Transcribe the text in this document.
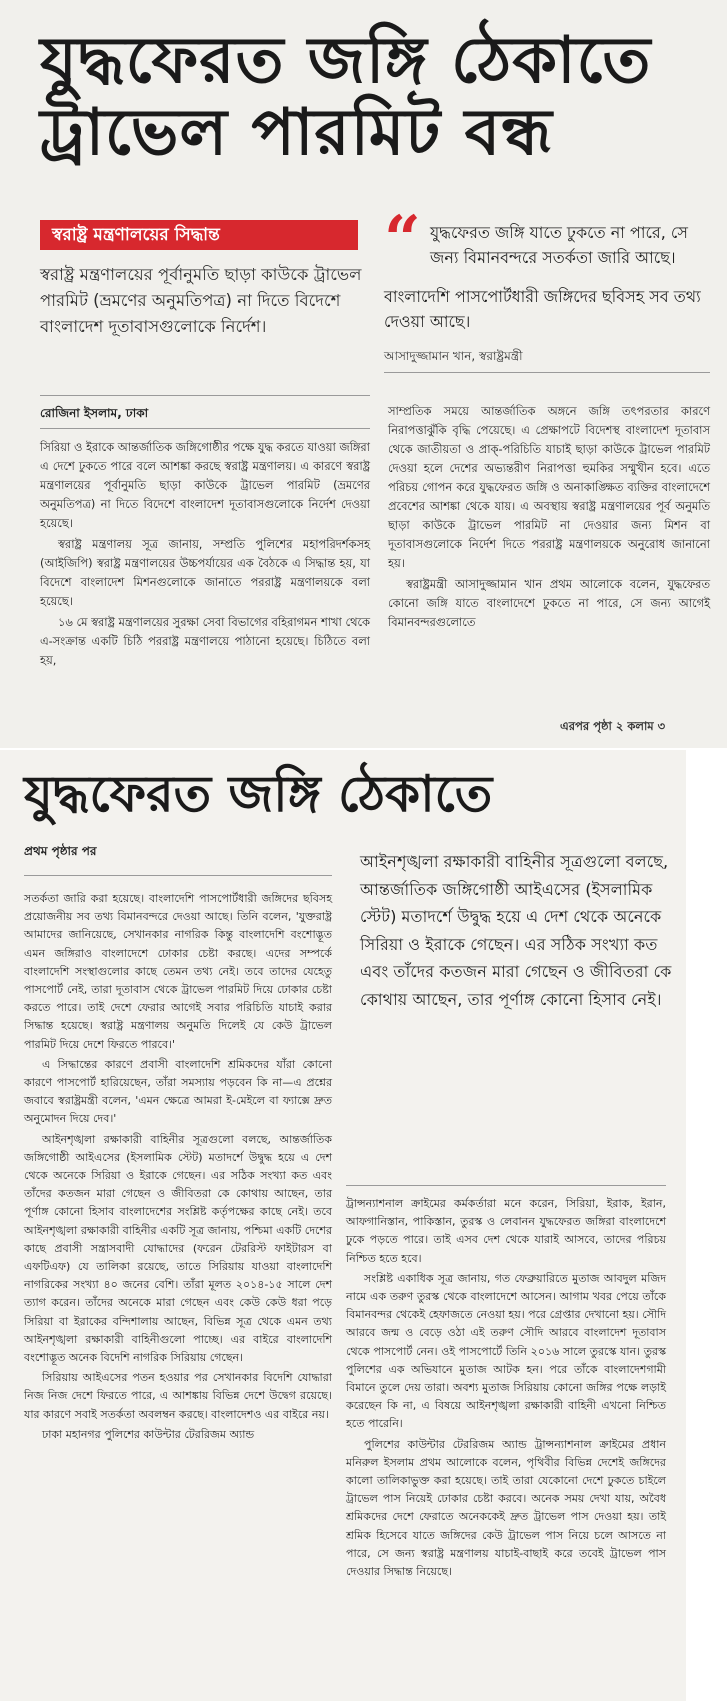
যুদ্ধফেরত জঙ্গি ঠেকাতে
ট্রাভেল পারমিট বন্ধ
স্বরাষ্ট্র মন্ত্রণালয়ের সিদ্ধান্ত
স্বরাষ্ট্র মন্ত্রণালয়ের পূর্বানুমতি ছাড়া কাউকে ট্রাভেল পারমিট (ভ্রমণের অনুমতিপত্র) না দিতে বিদেশে বাংলাদেশ দূতাবাসগুলোকে নির্দেশ।
“ যুদ্ধফেরত জঙ্গি যাতে ঢুকতে না পারে, সে জন্য বিমানবন্দরে সতর্কতা জারি আছে।
বাংলাদেশি পাসপোর্টধারী জঙ্গিদের ছবিসহ সব তথ্য দেওয়া আছে।
আসাদুজ্জামান খান, স্বরাষ্ট্রমন্ত্রী
রোজিনা ইসলাম, ঢাকা

সিরিয়া ও ইরাকে আন্তর্জাতিক জঙ্গিগোষ্ঠীর পক্ষে যুদ্ধ করতে যাওয়া জঙ্গিরা এ দেশে ঢুকতে পারে বলে আশঙ্কা করছে স্বরাষ্ট্র মন্ত্রণালয়। এ কারণে স্বরাষ্ট্র মন্ত্রণালয়ের পূর্বানুমতি ছাড়া কাউকে ট্রাভেল পারমিট (ভ্রমণের অনুমতিপত্র) না দিতে বিদেশে বাংলাদেশ দূতাবাসগুলোকে নির্দেশ দেওয়া হয়েছে।

স্বরাষ্ট্র মন্ত্রণালয় সূত্র জানায়, সম্প্রতি পুলিশের মহাপরিদর্শকসহ (আইজিপি) স্বরাষ্ট্র মন্ত্রণালয়ের উচ্চপর্যায়ের এক বৈঠকে এ সিদ্ধান্ত হয়, যা বিদেশে বাংলাদেশ মিশনগুলোকে জানাতে পররাষ্ট্র মন্ত্রণালয়কে বলা হয়েছে।

১৬ মে স্বরাষ্ট্র মন্ত্রণালয়ের সুরক্ষা সেবা বিভাগের বহিরাগমন শাখা থেকে এ-সংক্রান্ত একটি চিঠি পররাষ্ট্র মন্ত্রণালয়ে পাঠানো হয়েছে। চিঠিতে বলা হয়,

সাম্প্রতিক সময়ে আন্তর্জাতিক অঙ্গনে জঙ্গি তৎপরতার কারণে নিরাপত্তাঝুঁকি বৃদ্ধি পেয়েছে। এ প্রেক্ষাপটে বিদেশস্থ বাংলাদেশ দূতাবাস থেকে জাতীয়তা ও প্রাক্-পরিচিতি যাচাই ছাড়া কাউকে ট্রাভেল পারমিট দেওয়া হলে দেশের অভ্যন্তরীণ নিরাপত্তা হুমকির সম্মুখীন হবে। এতে পরিচয় গোপন করে যুদ্ধফেরত জঙ্গি ও অনাকাঙ্ক্ষিত ব্যক্তির বাংলাদেশে প্রবেশের আশঙ্কা থেকে যায়। এ অবস্থায় স্বরাষ্ট্র মন্ত্রণালয়ের পূর্ব অনুমতি ছাড়া কাউকে ট্রাভেল পারমিট না দেওয়ার জন্য মিশন বা দূতাবাসগুলোকে নির্দেশ দিতে পররাষ্ট্র মন্ত্রণালয়কে অনুরোধ জানানো হয়।

স্বরাষ্ট্রমন্ত্রী আসাদুজ্জামান খান প্রথম আলোকে বলেন, যুদ্ধফেরত কোনো জঙ্গি যাতে বাংলাদেশে ঢুকতে না পারে, সে জন্য আগেই বিমানবন্দরগুলোতে

এরপর পৃষ্ঠা ২ কলাম ৩
যুদ্ধফেরত জঙ্গি ঠেকাতে
প্রথম পৃষ্ঠার পর

সতর্কতা জারি করা হয়েছে। বাংলাদেশি পাসপোর্টধারী জঙ্গিদের ছবিসহ প্রয়োজনীয় সব তথ্য বিমানবন্দরে দেওয়া আছে। তিনি বলেন, 'যুক্তরাষ্ট্র আমাদের জানিয়েছে, সেখানকার নাগরিক কিন্তু বাংলাদেশি বংশোদ্ভূত এমন জঙ্গিরাও বাংলাদেশে ঢোকার চেষ্টা করছে। এদের সম্পর্কে বাংলাদেশি সংস্থাগুলোর কাছে তেমন তথ্য নেই। তবে তাদের যেহেতু পাসপোর্ট নেই, তারা দূতাবাস থেকে ট্রাভেল পারমিট দিয়ে ঢোকার চেষ্টা করতে পারে। তাই দেশে ফেরার আগেই সবার পরিচিতি যাচাই করার সিদ্ধান্ত হয়েছে। স্বরাষ্ট্র মন্ত্রণালয় অনুমতি দিলেই যে কেউ ট্রাভেল পারমিট দিয়ে দেশে ফিরতে পারবে।'

এ সিদ্ধান্তের কারণে প্রবাসী বাংলাদেশি শ্রমিকদের যাঁরা কোনো কারণে পাসপোর্ট হারিয়েছেন, তাঁরা সমস্যায় পড়বেন কি না—এ প্রশ্নের জবাবে স্বরাষ্ট্রমন্ত্রী বলেন, 'এমন ক্ষেত্রে আমরা ই-মেইলে বা ফ্যাক্সে দ্রুত অনুমোদন দিয়ে দেব।'

আইনশৃঙ্খলা রক্ষাকারী বাহিনীর সূত্রগুলো বলছে, আন্তর্জাতিক জঙ্গিগোষ্ঠী আইএসের (ইসলামিক স্টেট) মতাদর্শে উদ্বুদ্ধ হয়ে এ দেশ থেকে অনেকে সিরিয়া ও ইরাকে গেছেন। এর সঠিক সংখ্যা কত এবং তাঁদের কতজন মারা গেছেন ও জীবিতরা কে কোথায় আছেন, তার পূর্ণাঙ্গ কোনো হিসাব বাংলাদেশের সংশ্লিষ্ট কর্তৃপক্ষের কাছে নেই। তবে আইনশৃঙ্খলা রক্ষাকারী বাহিনীর একটি সূত্র জানায়, পশ্চিমা একটি দেশের কাছে প্রবাসী সন্ত্রাসবাদী যোদ্ধাদের (ফরেন টেররিস্ট ফাইটারস বা এফটিএফ) যে তালিকা রয়েছে, তাতে সিরিয়ায় যাওয়া বাংলাদেশি নাগরিকের সংখ্যা ৪০ জনের বেশি। তাঁরা মূলত ২০১৪-১৫ সালে দেশ ত্যাগ করেন। তাঁদের অনেকে মারা গেছেন এবং কেউ কেউ ধরা পড়ে সিরিয়া বা ইরাকের বন্দিশালায় আছেন, বিভিন্ন সূত্র থেকে এমন তথ্য আইনশৃঙ্খলা রক্ষাকারী বাহিনীগুলো পাচ্ছে। এর বাইরে বাংলাদেশি বংশোদ্ভূত অনেক বিদেশি নাগরিক সিরিয়ায় গেছেন।

সিরিয়ায় আইএসের পতন হওয়ার পর সেখানকার বিদেশি যোদ্ধারা নিজ নিজ দেশে ফিরতে পারে, এ আশঙ্কায় বিভিন্ন দেশে উদ্বেগ রয়েছে। যার কারণে সবাই সতর্কতা অবলম্বন করছে। বাংলাদেশও এর বাইরে নয়।

ঢাকা মহানগর পুলিশের কাউন্টার টেররিজম অ্যান্ড

আইনশৃঙ্খলা রক্ষাকারী বাহিনীর সূত্রগুলো বলছে, আন্তর্জাতিক জঙ্গিগোষ্ঠী আইএসের (ইসলামিক স্টেট) মতাদর্শে উদ্বুদ্ধ হয়ে এ দেশ থেকে অনেকে সিরিয়া ও ইরাকে গেছেন। এর সঠিক সংখ্যা কত এবং তাঁদের কতজন মারা গেছেন ও জীবিতরা কে কোথায় আছেন, তার পূর্ণাঙ্গ কোনো হিসাব নেই।

ট্রান্সন্যাশনাল ক্রাইমের কর্মকর্তারা মনে করেন, সিরিয়া, ইরাক, ইরান, আফগানিস্তান, পাকিস্তান, তুরস্ক ও লেবানন যুদ্ধফেরত জঙ্গিরা বাংলাদেশে ঢুকে পড়তে পারে। তাই এসব দেশ থেকে যারাই আসবে, তাদের পরিচয় নিশ্চিত হতে হবে।

সংশ্লিষ্ট একাধিক সূত্র জানায়, গত ফেব্রুয়ারিতে মুতাজ আবদুল মজিদ নামে এক তরুণ তুরস্ক থেকে বাংলাদেশে আসেন। আগাম খবর পেয়ে তাঁকে বিমানবন্দর থেকেই হেফাজতে নেওয়া হয়। পরে গ্রেপ্তার দেখানো হয়। সৌদি আরবে জন্ম ও বেড়ে ওঠা এই তরুণ সৌদি আরবে বাংলাদেশ দূতাবাস থেকে পাসপোর্ট নেন। ওই পাসপোর্টে তিনি ২০১৬ সালে তুরস্কে যান। তুরস্ক পুলিশের এক অভিযানে মুতাজ আটক হন। পরে তাঁকে বাংলাদেশগামী বিমানে তুলে দেয় তারা। অবশ্য মুতাজ সিরিয়ায় কোনো জঙ্গির পক্ষে লড়াই করেছেন কি না, এ বিষয়ে আইনশৃঙ্খলা রক্ষাকারী বাহিনী এখনো নিশ্চিত হতে পারেনি।

পুলিশের কাউন্টার টেররিজম অ্যান্ড ট্রান্সন্যাশনাল ক্রাইমের প্রধান মনিরুল ইসলাম প্রথম আলোকে বলেন, পৃথিবীর বিভিন্ন দেশেই জঙ্গিদের কালো তালিকাভুক্ত করা হয়েছে। তাই তারা যেকোনো দেশে ঢুকতে চাইলে ট্রাভেল পাস নিয়েই ঢোকার চেষ্টা করবে। অনেক সময় দেখা যায়, অবৈধ শ্রমিকদের দেশে ফেরাতে অনেককেই দ্রুত ট্রাভেল পাস দেওয়া হয়। তাই শ্রমিক হিসেবে যাতে জঙ্গিদের কেউ ট্রাভেল পাস নিয়ে চলে আসতে না পারে, সে জন্য স্বরাষ্ট্র মন্ত্রণালয় যাচাই-বাছাই করে তবেই ট্রাভেল পাস দেওয়ার সিদ্ধান্ত নিয়েছে।
